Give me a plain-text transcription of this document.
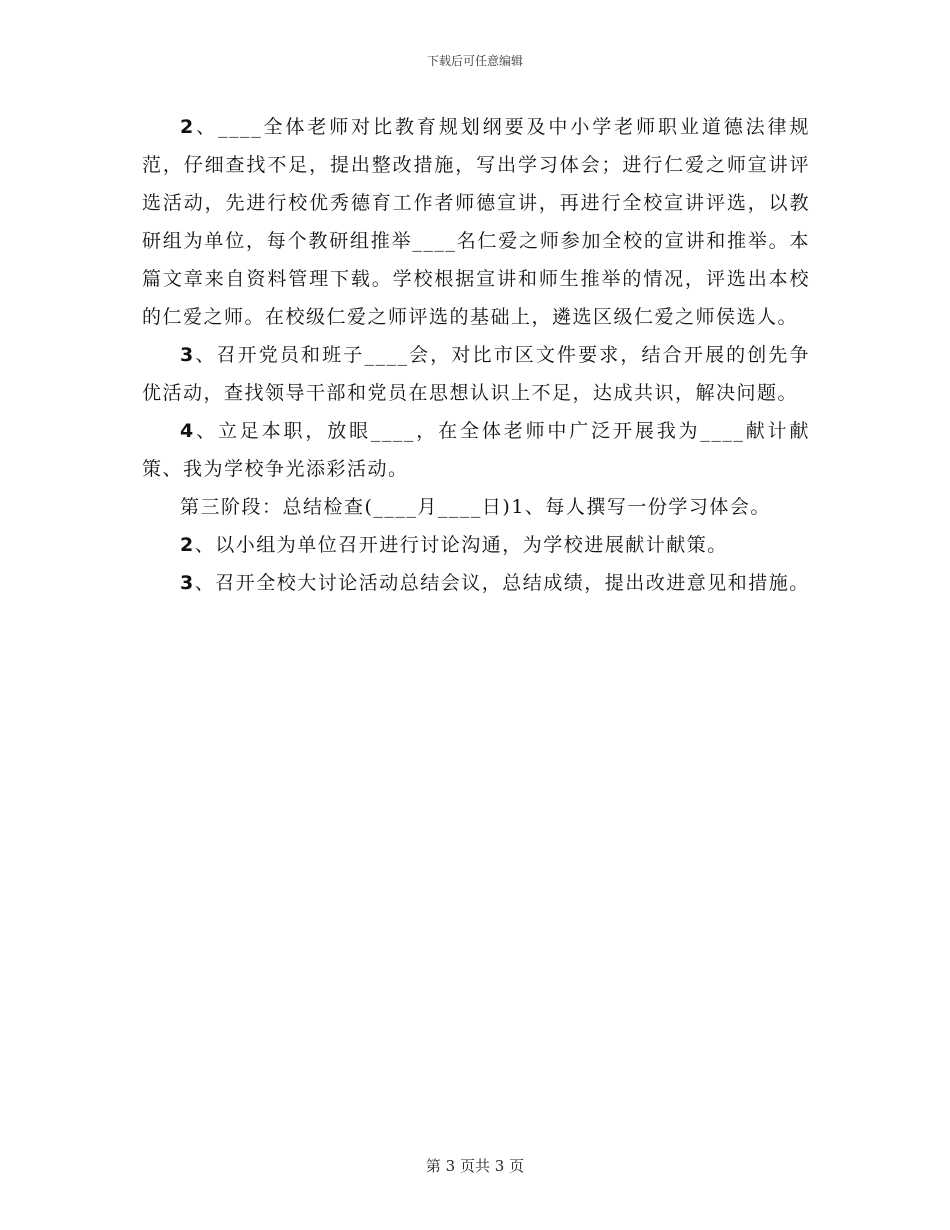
下载后可任意编辑

2、____全体老师对比教育规划纲要及中小学老师职业道德法律规范，仔细查找不足，提出整改措施，写出学习体会；进行仁爱之师宣讲评选活动，先进行校优秀德育工作者师德宣讲，再进行全校宣讲评选，以教研组为单位，每个教研组推举____名仁爱之师参加全校的宣讲和推举。本篇文章来自资料管理下载。学校根据宣讲和师生推举的情况，评选出本校的仁爱之师。在校级仁爱之师评选的基础上，遴选区级仁爱之师侯选人。

3、召开党员和班子____会，对比市区文件要求，结合开展的创先争优活动，查找领导干部和党员在思想认识上不足，达成共识，解决问题。

4、立足本职，放眼____，在全体老师中广泛开展我为____献计献策、我为学校争光添彩活动。

第三阶段：总结检查(____月____日)1、每人撰写一份学习体会。

2、以小组为单位召开进行讨论沟通，为学校进展献计献策。

3、召开全校大讨论活动总结会议，总结成绩，提出改进意见和措施。

第 3 页共 3 页
